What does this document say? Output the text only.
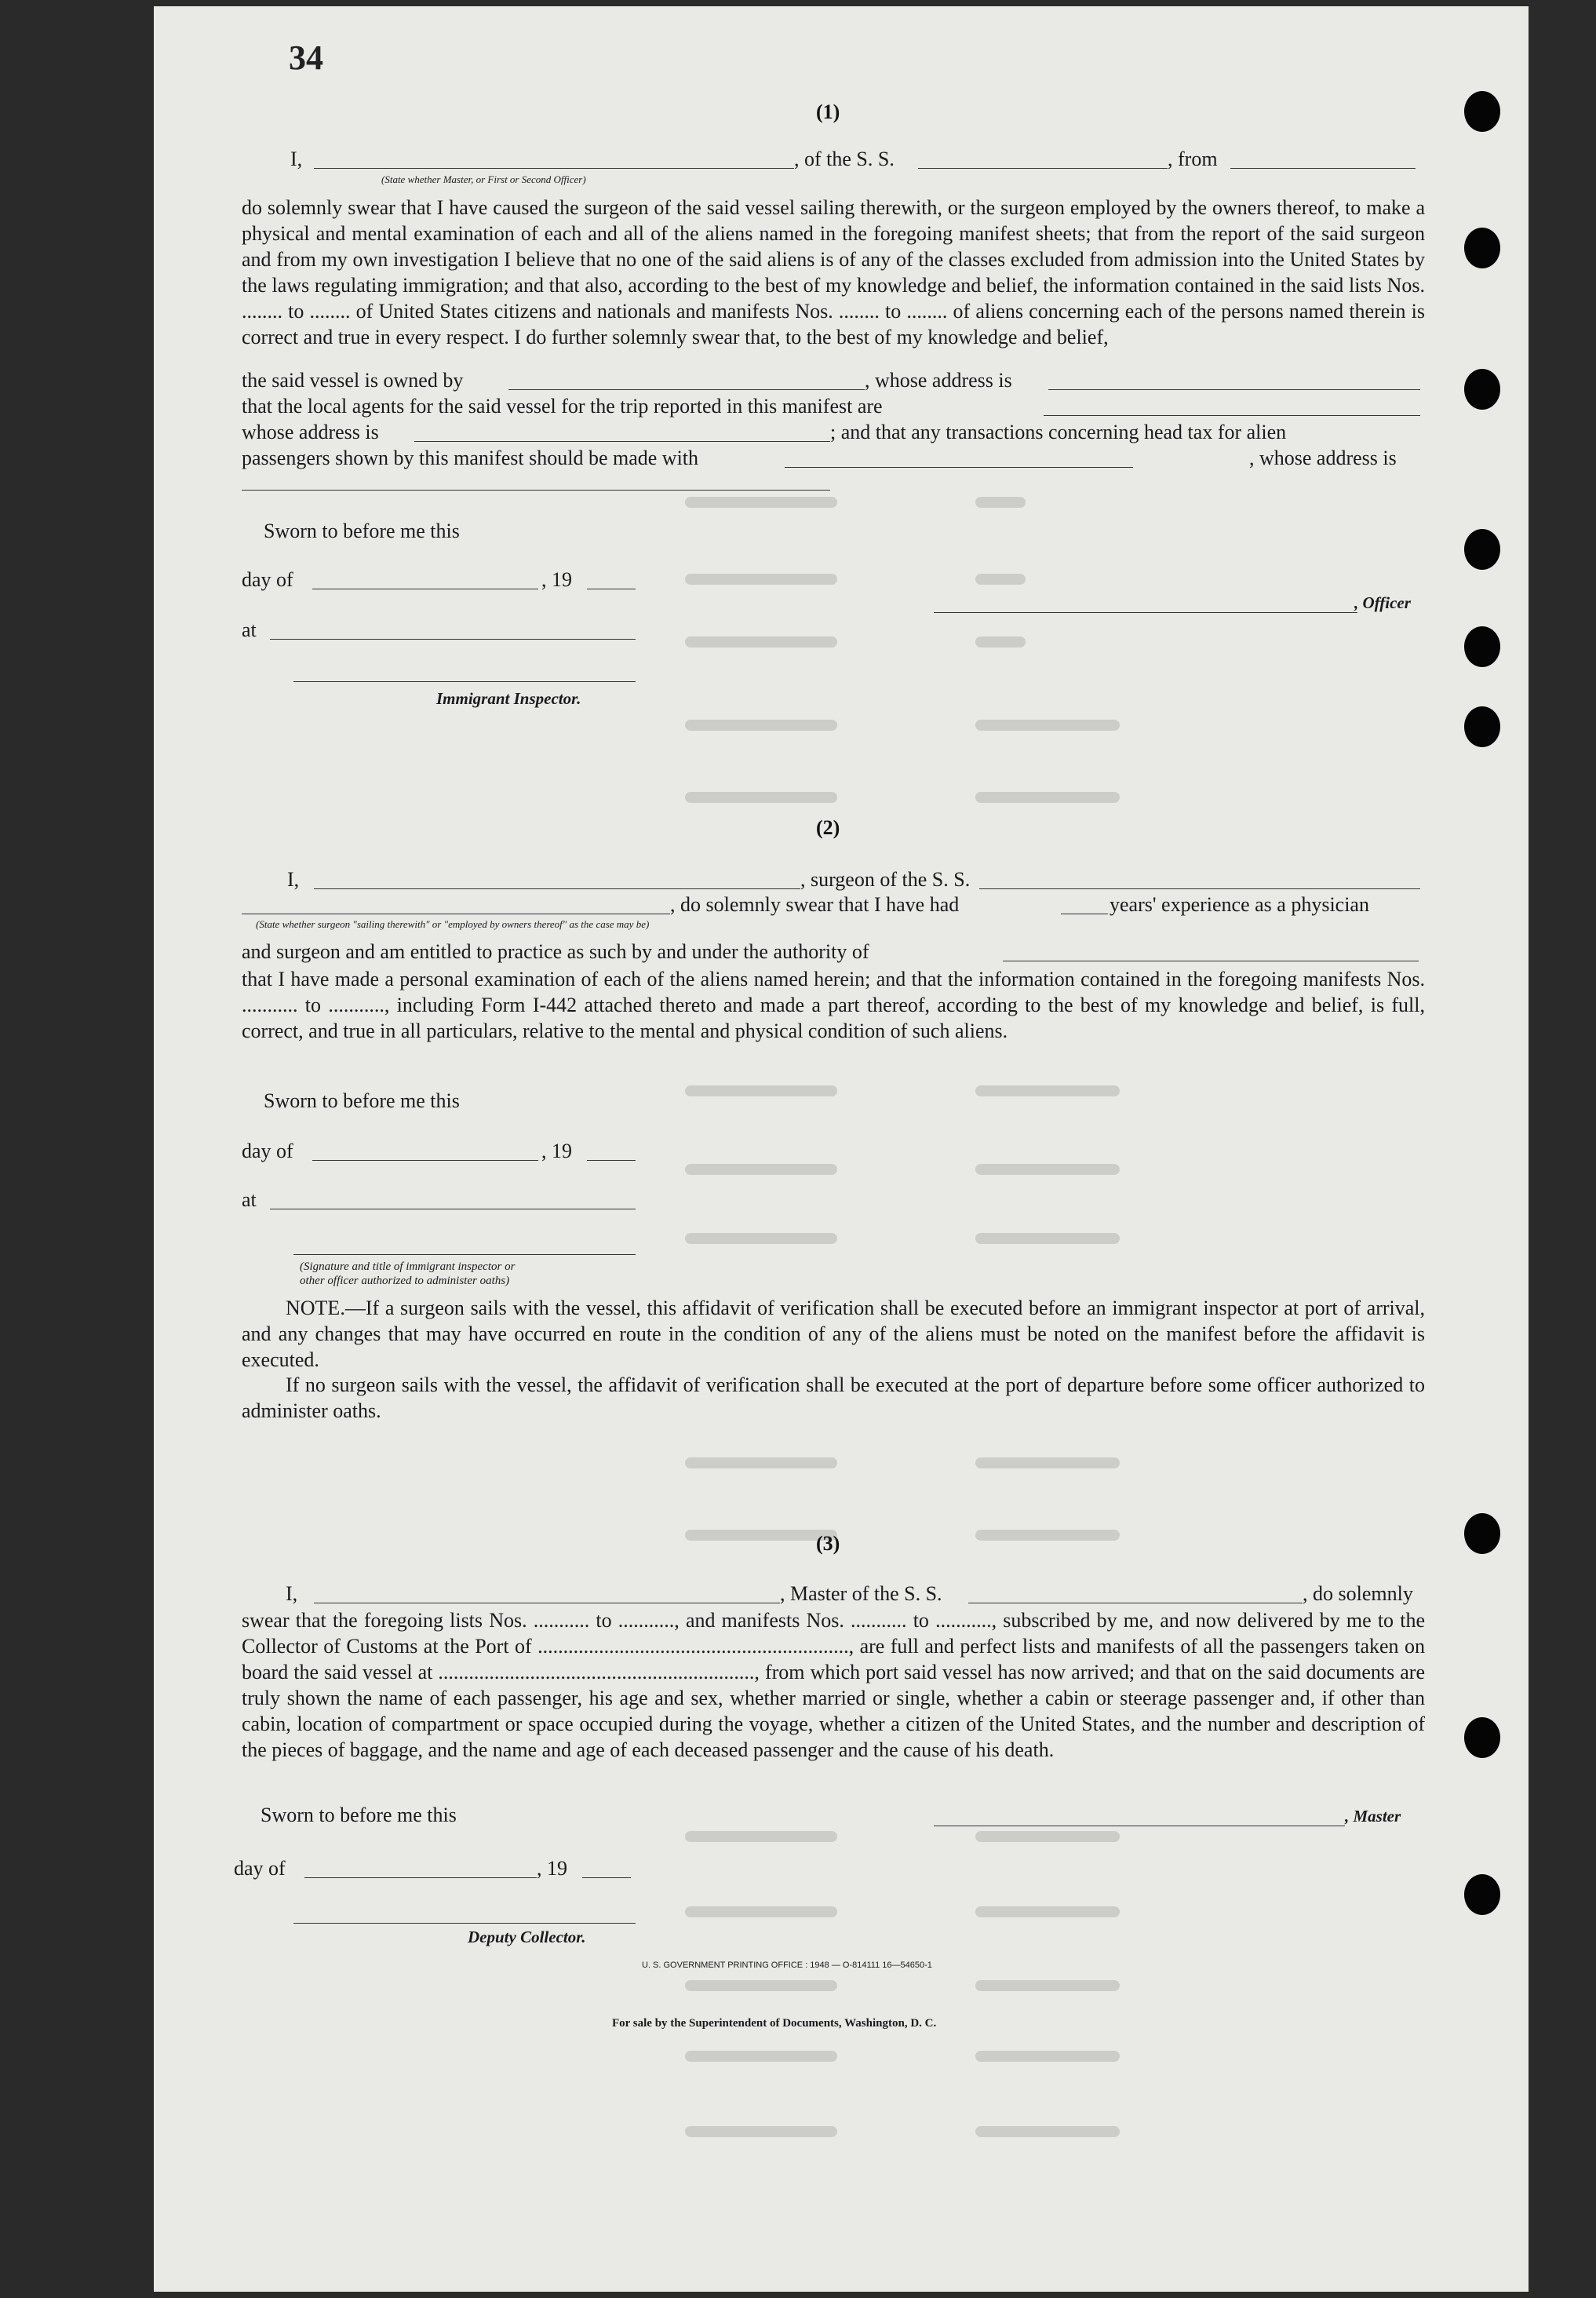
34
(1)
I,	, of the S. S.	, from
(State whether Master, or First or Second Officer)
do solemnly swear that I have caused the surgeon of the said vessel sailing therewith, or the surgeon employed by the owners thereof, to make a physical and mental examination of each and all of the aliens named in the foregoing manifest sheets; that from the report of the said surgeon and from my own investigation I believe that no one of the said aliens is of any of the classes excluded from admission into the United States by the laws regulating immigration; and that also, according to the best of my knowledge and belief, the information contained in the said lists Nos. ........ to ........ of United States citizens and nationals and manifests Nos. ........ to ........ of aliens concerning each of the persons named therein is correct and true in every respect. I do further solemnly swear that, to the best of my knowledge and belief,
the said vessel is owned by	, whose address is
that the local agents for the said vessel for the trip reported in this manifest are
whose address is	; and that any transactions concerning head tax for alien
passengers shown by this manifest should be made with	, whose address is
Sworn to before me this
day of	, 19
, Officer
at
Immigrant Inspector.
(2)
I,	, surgeon of the S. S.
, do solemnly swear that I have had	years' experience as a physician
(State whether surgeon "sailing therewith" or "employed by owners thereof" as the case may be)
and surgeon and am entitled to practice as such by and under the authority of
that I have made a personal examination of each of the aliens named herein; and that the information contained in the foregoing manifests Nos. ........... to ..........., including Form I-442 attached thereto and made a part thereof, according to the best of my knowledge and belief, is full, correct, and true in all particulars, relative to the mental and physical condition of such aliens.
Sworn to before me this
day of	, 19
at
(Signature and title of immigrant inspector or
other officer authorized to administer oaths)
NOTE.—If a surgeon sails with the vessel, this affidavit of verification shall be executed before an immigrant inspector at port of arrival, and any changes that may have occurred en route in the condition of any of the aliens must be noted on the manifest before the affidavit is executed.
If no surgeon sails with the vessel, the affidavit of verification shall be executed at the port of departure before some officer authorized to administer oaths.
(3)
I,	, Master of the S. S.	, do solemnly
swear that the foregoing lists Nos. ........... to ..........., and manifests Nos. ........... to ..........., subscribed by me, and now delivered by me to the Collector of Customs at the Port of ............................................................., are full and perfect lists and manifests of all the passengers taken on board the said vessel at .............................................................., from which port said vessel has now arrived; and that on the said documents are truly shown the name of each passenger, his age and sex, whether married or single, whether a cabin or steerage passenger and, if other than cabin, location of compartment or space occupied during the voyage, whether a citizen of the United States, and the number and description of the pieces of baggage, and the name and age of each deceased passenger and the cause of his death.
Sworn to before me this	, Master
day of	, 19
Deputy Collector.
U. S. GOVERNMENT PRINTING OFFICE : 1948 — O-814111 16—54650-1
For sale by the Superintendent of Documents, Washington, D. C.
